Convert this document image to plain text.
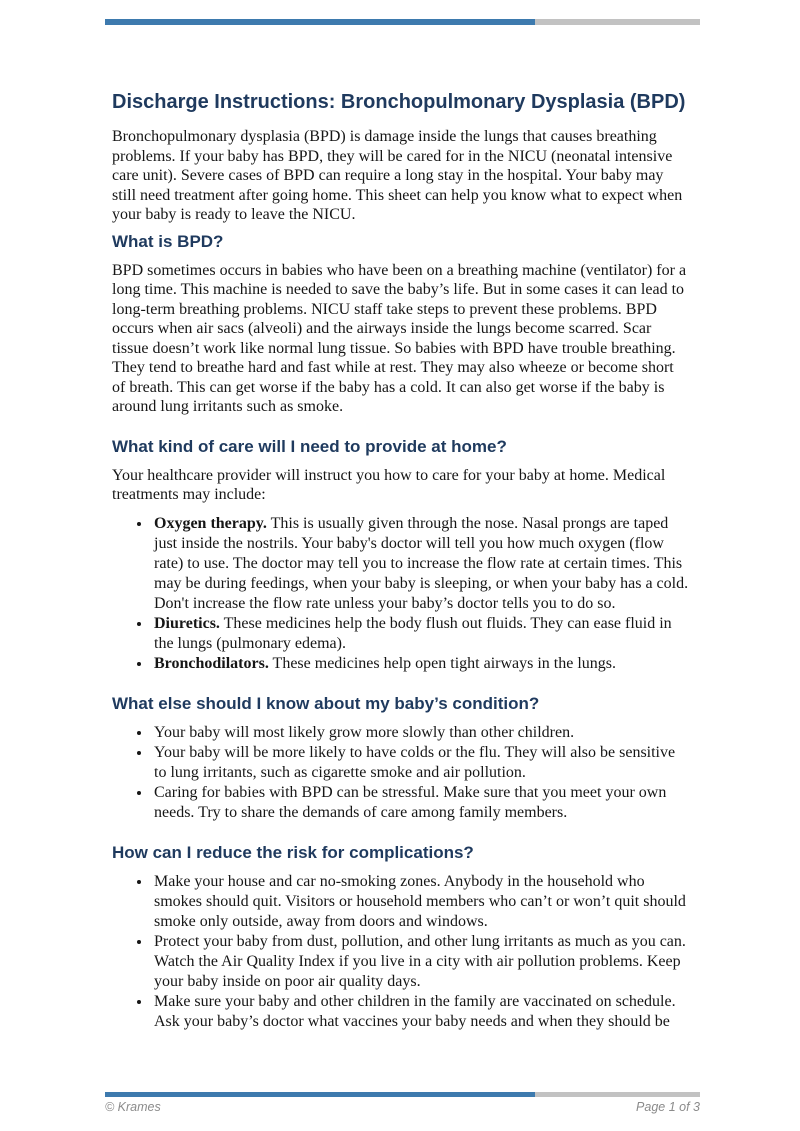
Discharge Instructions: Bronchopulmonary Dysplasia (BPD)

Bronchopulmonary dysplasia (BPD) is damage inside the lungs that causes breathing problems. If your baby has BPD, they will be cared for in the NICU (neonatal intensive care unit). Severe cases of BPD can require a long stay in the hospital. Your baby may still need treatment after going home. This sheet can help you know what to expect when your baby is ready to leave the NICU.

What is BPD?

BPD sometimes occurs in babies who have been on a breathing machine (ventilator) for a long time. This machine is needed to save the baby’s life. But in some cases it can lead to long-term breathing problems. NICU staff take steps to prevent these problems. BPD occurs when air sacs (alveoli) and the airways inside the lungs become scarred. Scar tissue doesn’t work like normal lung tissue. So babies with BPD have trouble breathing. They tend to breathe hard and fast while at rest. They may also wheeze or become short of breath. This can get worse if the baby has a cold. It can also get worse if the baby is around lung irritants such as smoke.

What kind of care will I need to provide at home?

Your healthcare provider will instruct you how to care for your baby at home. Medical treatments may include:

• Oxygen therapy. This is usually given through the nose. Nasal prongs are taped just inside the nostrils. Your baby's doctor will tell you how much oxygen (flow rate) to use. The doctor may tell you to increase the flow rate at certain times. This may be during feedings, when your baby is sleeping, or when your baby has a cold. Don't increase the flow rate unless your baby’s doctor tells you to do so.
• Diuretics. These medicines help the body flush out fluids. They can ease fluid in the lungs (pulmonary edema).
• Bronchodilators. These medicines help open tight airways in the lungs.
What else should I know about my baby’s condition?
• Your baby will most likely grow more slowly than other children.
• Your baby will be more likely to have colds or the flu. They will also be sensitive to lung irritants, such as cigarette smoke and air pollution.
• Caring for babies with BPD can be stressful. Make sure that you meet your own needs. Try to share the demands of care among family members.
How can I reduce the risk for complications?
• Make your house and car no-smoking zones. Anybody in the household who smokes should quit. Visitors or household members who can’t or won’t quit should smoke only outside, away from doors and windows.
• Protect your baby from dust, pollution, and other lung irritants as much as you can. Watch the Air Quality Index if you live in a city with air pollution problems. Keep your baby inside on poor air quality days.
• Make sure your baby and other children in the family are vaccinated on schedule. Ask your baby’s doctor what vaccines your baby needs and when they should be
© Krames	Page 1 of 3
